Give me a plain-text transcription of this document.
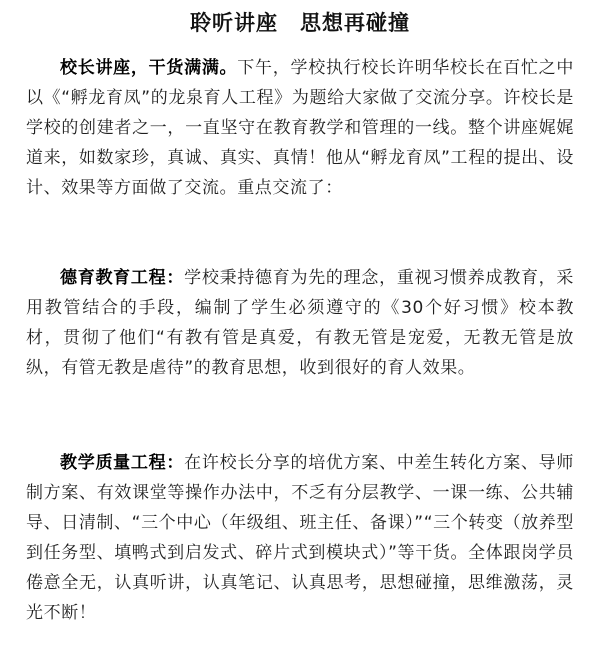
聆听讲座　思想再碰撞

校长讲座，干货满满。下午，学校执行校长许明华校长在百忙之中以《“孵龙育凤”的龙泉育人工程》为题给大家做了交流分享。许校长是学校的创建者之一，一直坚守在教育教学和管理的一线。整个讲座娓娓道来，如数家珍，真诚、真实、真情！他从“孵龙育凤”工程的提出、设计、效果等方面做了交流。重点交流了：

德育教育工程：学校秉持德育为先的理念，重视习惯养成教育，采用教管结合的手段，编制了学生必须遵守的《30个好习惯》校本教材，贯彻了他们“有教有管是真爱，有教无管是宠爱，无教无管是放纵，有管无教是虐待”的教育思想，收到很好的育人效果。

教学质量工程：在许校长分享的培优方案、中差生转化方案、导师制方案、有效课堂等操作办法中，不乏有分层教学、一课一练、公共辅导、日清制、“三个中心（年级组、班主任、备课）”“三个转变（放养型到任务型、填鸭式到启发式、碎片式到模块式）”等干货。全体跟岗学员倦意全无，认真听讲，认真笔记、认真思考，思想碰撞，思维激荡，灵光不断！
